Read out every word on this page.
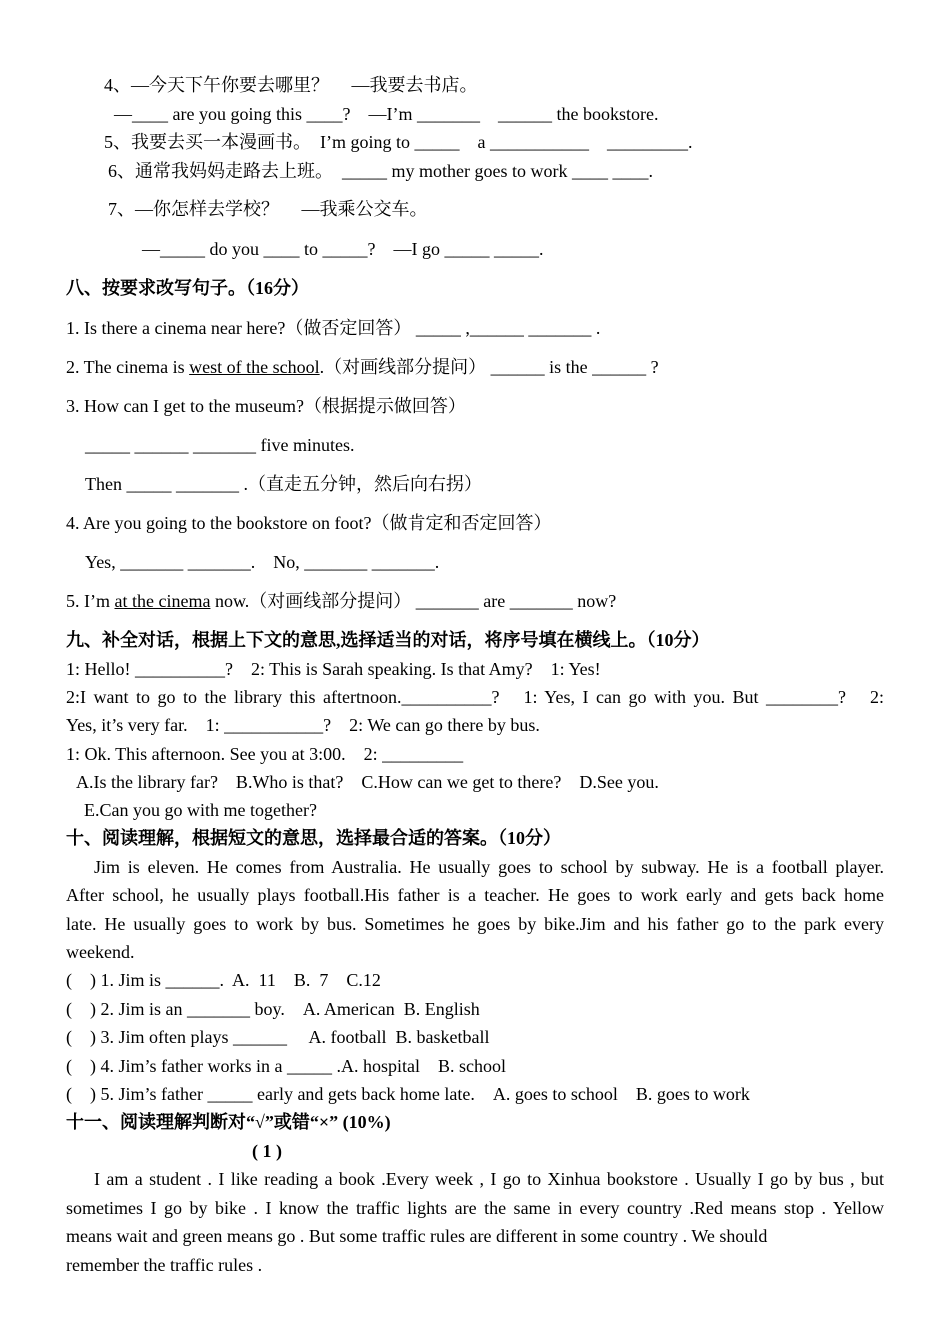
4、—今天下午你要去哪里？　 —我要去书店。
—____ are you going this ____?　—I’m _______　______ the bookstore.
5、我要去买一本漫画书。　I’m going to _____　a ___________　_________.
6、通常我妈妈走路去上班。　_____ my mother goes to work ____ ____.
7、—你怎样去学校？　 —我乘公交车。
—_____ do you ____ to _____?　—I go _____ _____.
八、按要求改写句子。（16分）
1. Is there a cinema near here?（做否定回答） _____ ,______ _______ .
2. The cinema is west of the school.（对画线部分提问） ______ is the ______ ?
3. How can I get to the museum?（根据提示做回答）
_____ ______ _______ five minutes.
Then _____ _______ .（直走五分钟，然后向右拐）
4. Are you going to the bookstore on foot?（做肯定和否定回答）
Yes, _______ _______.　No, _______ _______.
5. I’m at the cinema now.（对画线部分提问） _______ are _______ now?
九、补全对话，根据上下文的意思,选择适当的对话，将序号填在横线上。（10分）
1: Hello! __________?　2: This is Sarah speaking. Is that Amy?　1: Yes!
2:I want to go to the library this aftertnoon.__________?　1: Yes, I can go with you. But ________?　2:
Yes, it’s very far.　1: ___________?　2: We can go there by bus.
1: Ok. This afternoon. See you at 3:00.　2: _________
A.Is the library far?　B.Who is that?　C.How can we get to there?　D.See you.
E.Can you go with me together?
十、阅读理解，根据短文的意思，选择最合适的答案。（10分）
Jim is eleven. He comes from Australia. He usually goes to school by subway. He is a football player.
After school, he usually plays football.His father is a teacher. He goes to work early and gets back home
late. He usually goes to work by bus. Sometimes he goes by bike.Jim and his father go to the park every
weekend.
(　) 1. Jim is ______.  A.  11　B.  7　C.12
(　) 2. Jim is an _______ boy.　A. American  B. English
(　) 3. Jim often plays ______　 A. football  B. basketball
(　) 4. Jim’s father works in a _____ .A. hospital　B. school
(　) 5. Jim’s father _____ early and gets back home late.　A. goes to school　B. goes to work
十一、阅读理解判断对“√”或错“×” (10%)
( 1 )
I am a student . I like reading a book .Every week , I go to Xinhua bookstore . Usually I go by bus , but
sometimes I go by bike . I know the traffic lights are the same in every country .Red means stop . Yellow
means wait and green means go . But some traffic rules are different in some country . We should
remember the traffic rules .
